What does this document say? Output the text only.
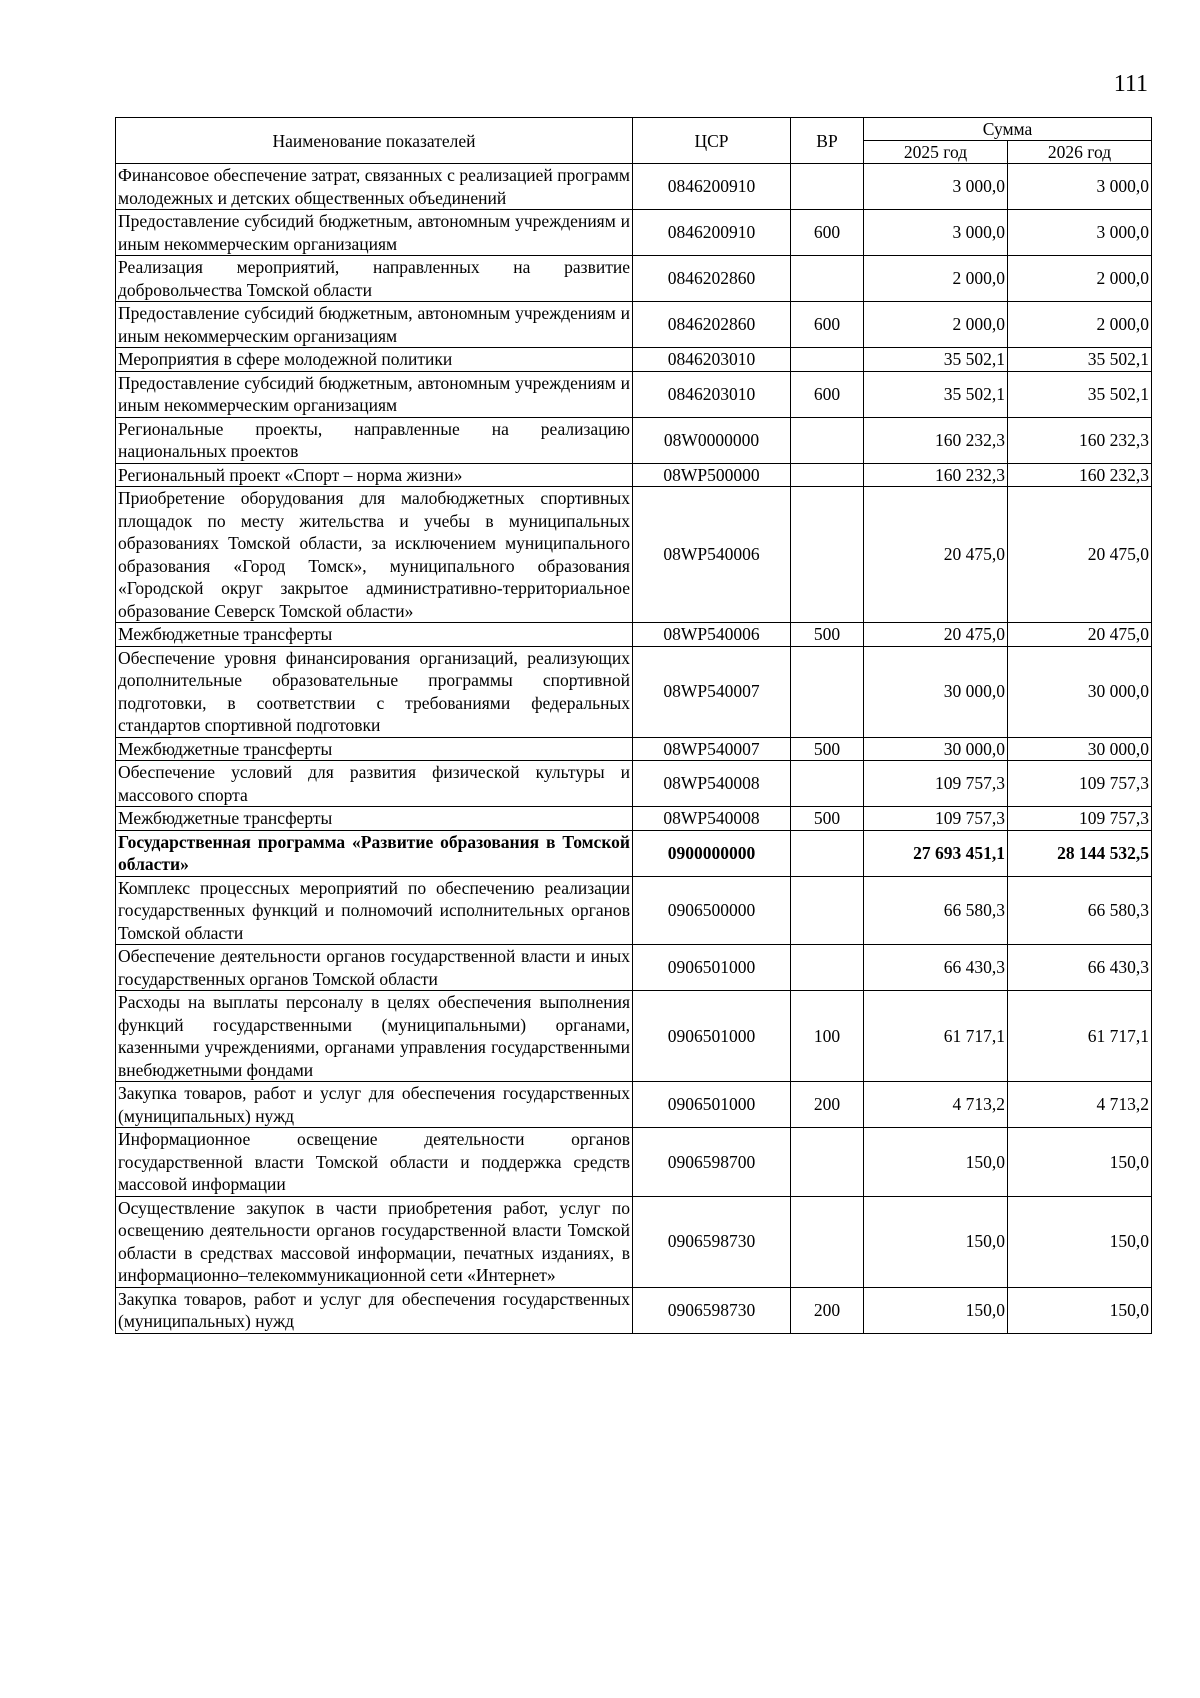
111
Наименование показателей	ЦСР	ВР	Сумма	
			2025 год	2026 год
Финансовое обеспечение затрат, связанных с реализацией программ молодежных и детских общественных объединений	0846200910		3 000,0	3 000,0
Предоставление субсидий бюджетным, автономным учреждениям и иным некоммерческим организациям	0846200910	600	3 000,0	3 000,0
Реализация мероприятий, направленных на развитие добровольчества Томской области	0846202860		2 000,0	2 000,0
Предоставление субсидий бюджетным, автономным учреждениям и иным некоммерческим организациям	0846202860	600	2 000,0	2 000,0
Мероприятия в сфере молодежной политики	0846203010		35 502,1	35 502,1
Предоставление субсидий бюджетным, автономным учреждениям и иным некоммерческим организациям	0846203010	600	35 502,1	35 502,1
Региональные проекты, направленные на реализацию национальных проектов	08W0000000		160 232,3	160 232,3
Региональный проект «Спорт – норма жизни»	08WP500000		160 232,3	160 232,3
Приобретение оборудования для малобюджетных спортивных площадок по месту жительства и учебы в муниципальных образованиях Томской области, за исключением муниципального образования «Город Томск», муниципального образования «Городской округ закрытое административно-территориальное образование Северск Томской области»	08WP540006		20 475,0	20 475,0
Межбюджетные трансферты	08WP540006	500	20 475,0	20 475,0
Обеспечение уровня финансирования организаций, реализующих дополнительные образовательные программы спортивной подготовки, в соответствии с требованиями федеральных стандартов спортивной подготовки	08WP540007		30 000,0	30 000,0
Межбюджетные трансферты	08WP540007	500	30 000,0	30 000,0
Обеспечение условий для развития физической культуры и массового спорта	08WP540008		109 757,3	109 757,3
Межбюджетные трансферты	08WP540008	500	109 757,3	109 757,3
Государственная программа «Развитие образования в Томской области»	0900000000		27 693 451,1	28 144 532,5
Комплекс процессных мероприятий по обеспечению реализации государственных функций и полномочий исполнительных органов Томской области	0906500000		66 580,3	66 580,3
Обеспечение деятельности органов государственной власти и иных государственных органов Томской области	0906501000		66 430,3	66 430,3
Расходы на выплаты персоналу в целях обеспечения выполнения функций государственными (муниципальными) органами, казенными учреждениями, органами управления государственными внебюджетными фондами	0906501000	100	61 717,1	61 717,1
Закупка товаров, работ и услуг для обеспечения государственных (муниципальных) нужд	0906501000	200	4 713,2	4 713,2
Информационное освещение деятельности органов государственной власти Томской области и поддержка средств массовой информации	0906598700		150,0	150,0
Осуществление закупок в части приобретения работ, услуг по освещению деятельности органов государственной власти Томской области в средствах массовой информации, печатных изданиях, в информационно–телекоммуникационной сети «Интернет»	0906598730		150,0	150,0
Закупка товаров, работ и услуг для обеспечения государственных (муниципальных) нужд	0906598730	200	150,0	150,0
